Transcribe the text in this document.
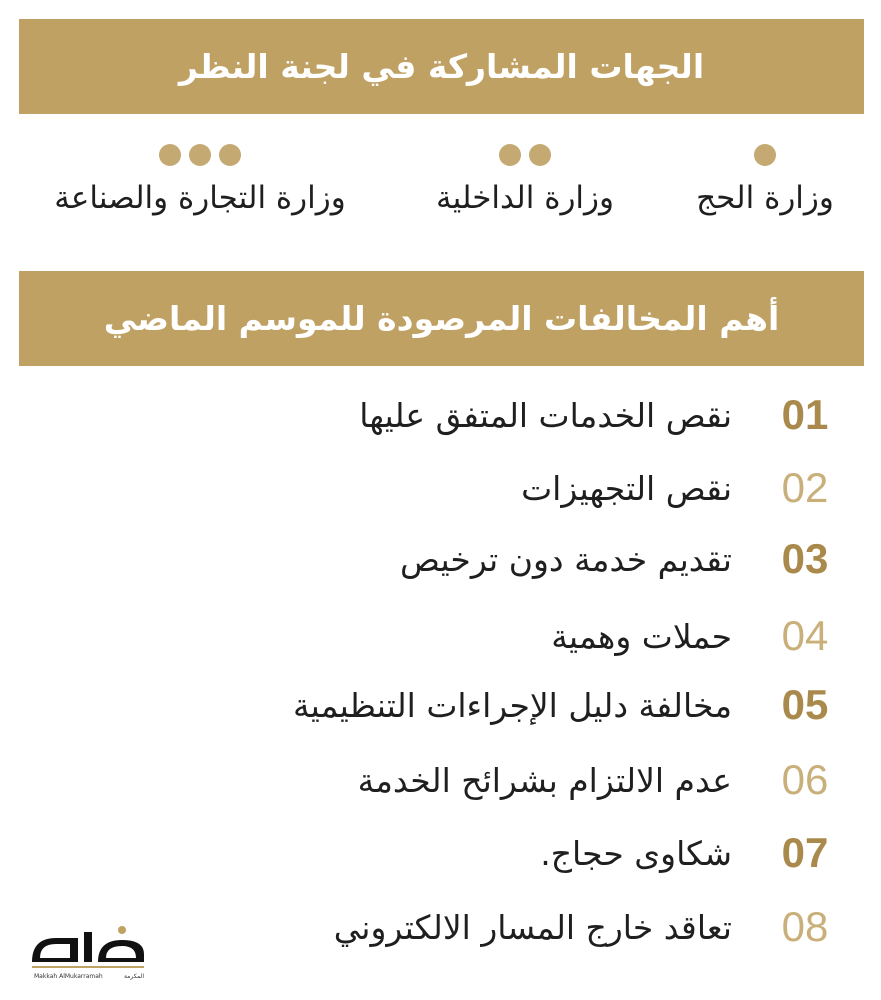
الجهات المشاركة في لجنة النظر
وزارة الحج
وزارة الداخلية
وزارة التجارة والصناعة
أهم المخالفات المرصودة للموسم الماضي
نقص الخدمات المتفق عليها 01
نقص التجهيزات 02
تقديم خدمة دون ترخيص 03
حملات وهمية 04
مخالفة دليل الإجراءات التنظيمية 05
عدم الالتزام بشرائح الخدمة 06
شكاوى حجاج. 07
تعاقد خارج المسار الالكتروني 08
Makkah AlMukarramah	المكرمة
